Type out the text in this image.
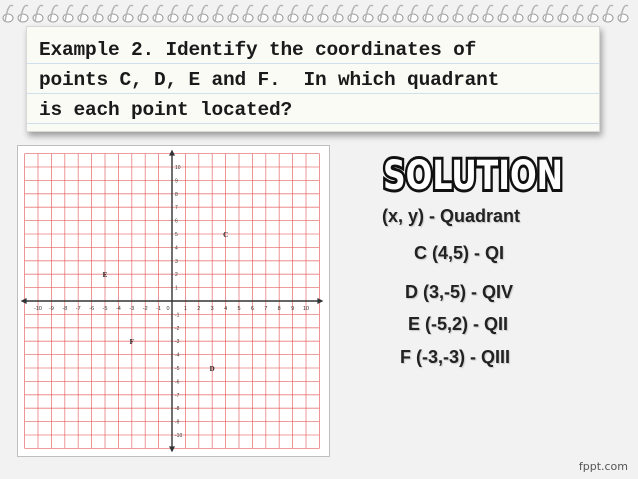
Example 2. Identify the coordinates of
points C, D, E and F.  In which quadrant
is each point located?
-10 -9 -8 -7 -6 -5 -4 -3 -2 -1 0	1 2 3 4 5 6 7 8 9 10
10
9
8
7
6
5
4
3
2
1
-1
-2
-3
-4
-5
-6
-7
-8
-9
-10
C
E
F
D
SOLUTION
(x, y) - Quadrant
C (4,5) - QI
D (3,-5) - QIV
E (-5,2) - QII
F (-3,-3) - QIII
fppt.com
